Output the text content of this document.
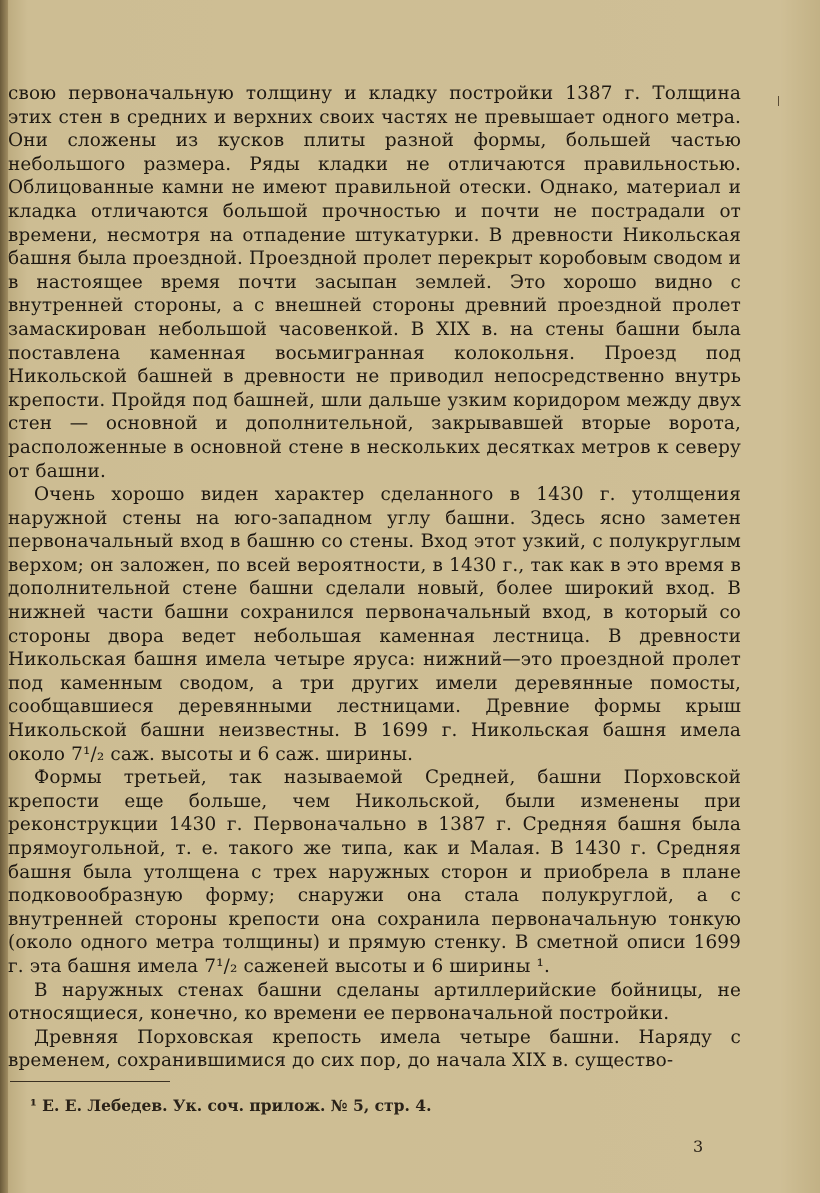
свою первоначальную толщину и кладку постройки 1387 г. Толщина этих стен в средних и верхних своих частях не превышает одного метра. Они сложены из кусков плиты разной формы, большей частью небольшого размера. Ряды кладки не отличаются правильностью. Облицованные камни не имеют правильной отески. Однако, материал и кладка отличаются большой прочностью и почти не пострадали от времени, несмотря на отпадение штукатурки. В древности Никольская башня была проездной. Проездной пролет перекрыт коробовым сводом и в настоящее время почти засыпан землей. Это хорошо видно с внутренней стороны, а с внешней стороны древний проездной пролет замаскирован небольшой часовенкой. В XIX в. на стены башни была поставлена каменная восьмигранная колокольня. Проезд под Никольской башней в древности не приводил непосредственно внутрь крепости. Пройдя под башней, шли дальше узким коридором между двух стен — основной и дополнительной, закрывавшей вторые ворота, расположенные в основной стене в нескольких десятках метров к северу от башни.

Очень хорошо виден характер сделанного в 1430 г. утолщения наружной стены на юго-западном углу башни. Здесь ясно заметен первоначальный вход в башню со стены. Вход этот узкий, с полукруглым верхом; он заложен, по всей вероятности, в 1430 г., так как в это время в дополнительной стене башни сделали новый, более широкий вход. В нижней части башни сохранился первоначальный вход, в который со стороны двора ведет небольшая каменная лестница. В древности Никольская башня имела четыре яруса: нижний—это проездной пролет под каменным сводом, а три других имели деревянные помосты, сообщавшиеся деревянными лестницами. Древние формы крыш Никольской башни неизвестны. В 1699 г. Никольская башня имела около 7¹/₂ саж. высоты и 6 саж. ширины.

Формы третьей, так называемой Средней, башни Порховской крепости еще больше, чем Никольской, были изменены при реконструкции 1430 г. Первоначально в 1387 г. Средняя башня была прямоугольной, т. е. такого же типа, как и Малая. В 1430 г. Средняя башня была утолщена с трех наружных сторон и приобрела в плане подковообразную форму; снаружи она стала полукруглой, а с внутренней стороны крепости она сохранила первоначальную тонкую (около одного метра толщины) и прямую стенку. В сметной описи 1699 г. эта башня имела 7¹/₂ саженей высоты и 6 ширины ¹.

В наружных стенах башни сделаны артиллерийские бойницы, не относящиеся, конечно, ко времени ее первоначальной постройки.

Древняя Порховская крепость имела четыре башни. Наряду с временем, сохранившимися до сих пор, до начала XIX в. существо-

¹ Е. Е. Лебедев. Ук. соч. прилож. № 5, стр. 4.
3
